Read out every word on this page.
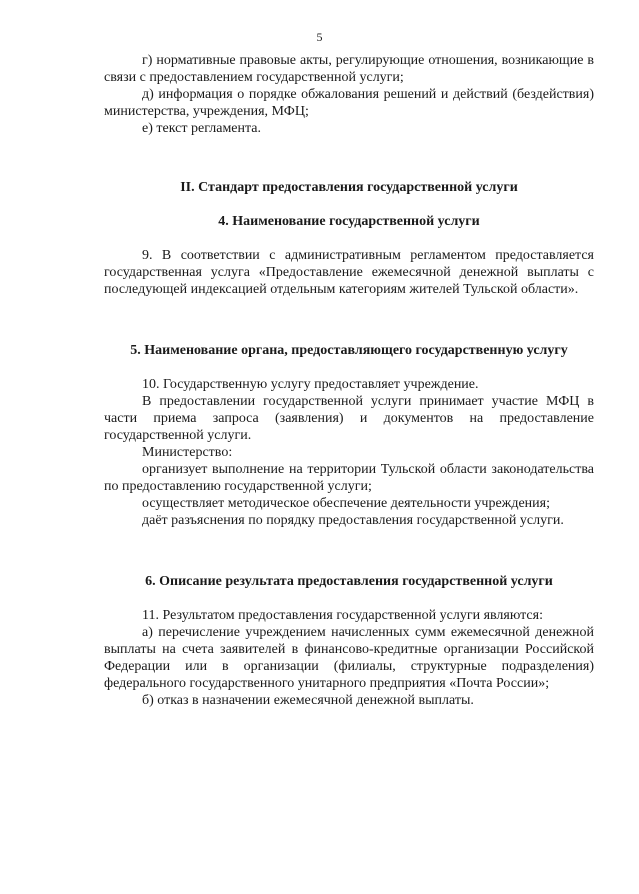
5

г) нормативные правовые акты, регулирующие отношения, возникающие в связи с предоставлением государственной услуги;

д) информация о порядке обжалования решений и действий (бездействия) министерства, учреждения, МФЦ;

е) текст регламента.

II. Стандарт предоставления государственной услуги

4. Наименование государственной услуги

9. В соответствии с административным регламентом предоставляется государственная услуга «Предоставление ежемесячной денежной выплаты с последующей индексацией отдельным категориям жителей Тульской области».

5. Наименование органа, предоставляющего государственную услугу

10. Государственную услугу предоставляет учреждение.

В предоставлении государственной услуги принимает участие МФЦ в части приема запроса (заявления) и документов на предоставление государственной услуги.

Министерство:

организует выполнение на территории Тульской области законодательства по предоставлению государственной услуги;

осуществляет методическое обеспечение деятельности учреждения;

даёт разъяснения по порядку предоставления государственной услуги.

6. Описание результата предоставления государственной услуги

11. Результатом предоставления государственной услуги являются:

а) перечисление учреждением начисленных сумм ежемесячной денежной выплаты на счета заявителей в финансово-кредитные организации Российской Федерации или в организации (филиалы, структурные подразделения) федерального государственного унитарного предприятия «Почта России»;

б) отказ в назначении ежемесячной денежной выплаты.
